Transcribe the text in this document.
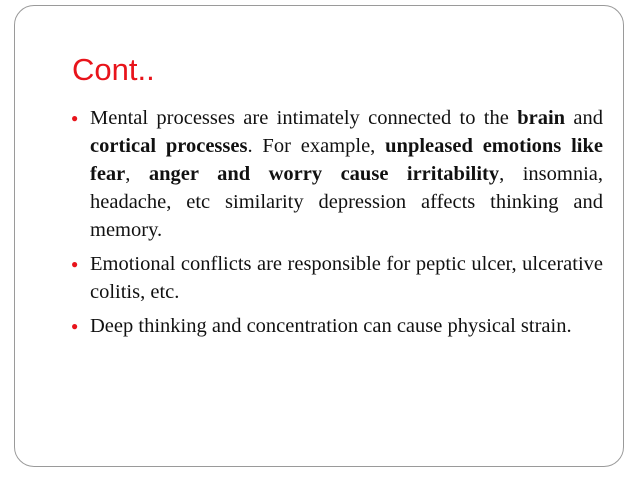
Cont..
● Mental processes are intimately connected to the brain and cortical processes. For example, unpleased emotions like fear, anger and worry cause irritability, insomnia, headache, etc similarity depression affects thinking and memory.
● Emotional conflicts are responsible for peptic ulcer, ulcerative colitis, etc.
● Deep thinking and concentration can cause physical strain.
